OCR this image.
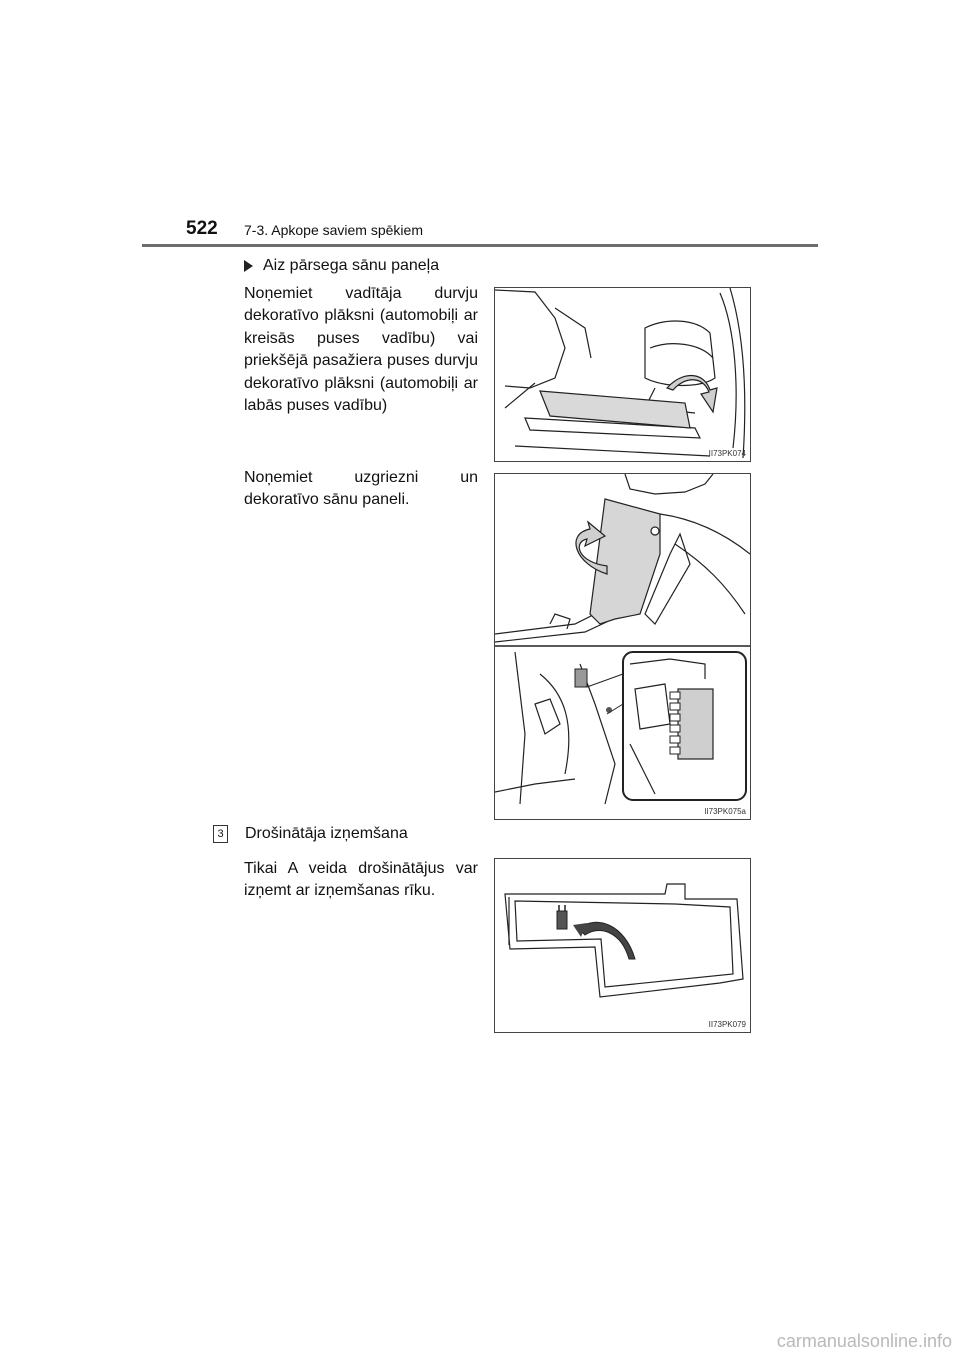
522 7-3. Apkope saviem spēkiem
Aiz pārsega sānu paneļa

Noņemiet vadītāja durvju dekoratīvo plāksni (automobiļi ar kreisās puses vadību) vai priekšējā pasažiera puses durvju dekoratīvo plāksni (automobiļi ar labās puses vadību)

Noņemiet uzgriezni un dekoratīvo sānu paneli.

3 Drošinātāja izņemšana

Tikai A veida drošinātājus var izņemt ar izņemšanas rīku.

II73PK074
II73PK075a
II73PK079
carmanualsonline.info
